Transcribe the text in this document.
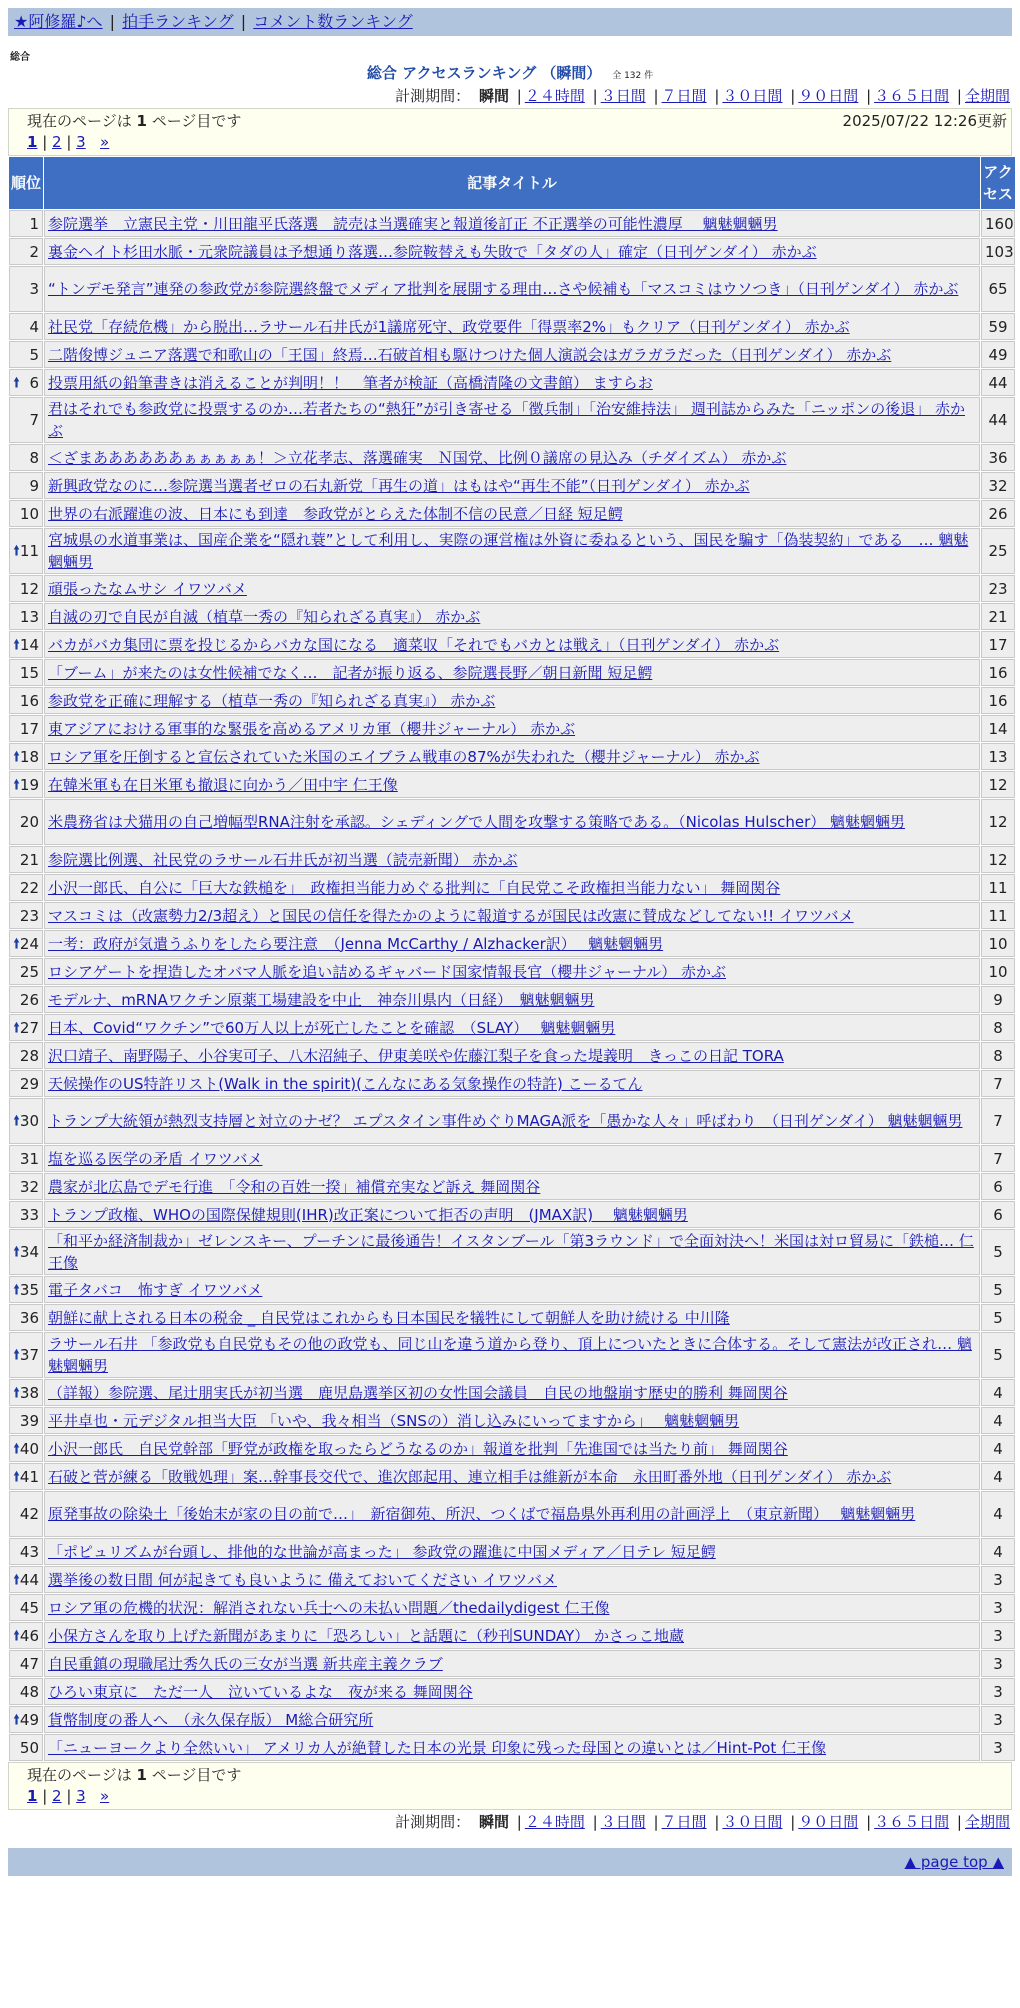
★阿修羅♪へ | 拍手ランキング | コメント数ランキング
総合
総合 アクセスランキング （瞬間） 全 132 件
計測期間： 瞬間 | ２４時間 | ３日間 | ７日間 | ３０日間 | ９０日間 | ３６５日間 | 全期間
現在のページは 1 ページ目です	2025/07/22 12:26更新
1 | 2 | 3 »
順位	記事タイトル	アクセス
1	参院選挙　立憲民主党・川田龍平氏落選　読売は当選確実と報道後訂正 不正選挙の可能性濃厚　 魑魅魍魎男	160
2	裏金ヘイト杉田水脈・元衆院議員は予想通り落選…参院鞍替えも失敗で「タダの人」確定（日刊ゲンダイ） 赤かぶ	103
3	“トンデモ発言”連発の参政党が参院選終盤でメディア批判を展開する理由…さや候補も「マスコミはウソつき」（日刊ゲンダイ） 赤かぶ	65
4	社民党「存続危機」から脱出…ラサール石井氏が1議席死守、政党要件「得票率2%」もクリア（日刊ゲンダイ） 赤かぶ	59
5	二階俊博ジュニア落選で和歌山の「王国」終焉…石破首相も駆けつけた個人演説会はガラガラだった（日刊ゲンダイ） 赤かぶ	49

🠙 6	投票用紙の鉛筆書きは消えることが判明！！　筆者が検証（高橋清隆の文書館） ますらお	44
7	君はそれでも参政党に投票するのか…若者たちの“熱狂”が引き寄せる「徴兵制」「治安維持法」 週刊誌からみた「ニッポンの後退」 赤かぶ	44
8	＜ざまああああああぁぁぁぁぁ！＞立花孝志、落選確実　Ｎ国党、比例０議席の見込み（チダイズム） 赤かぶ	36
9	新興政党なのに…参院選当選者ゼロの石丸新党「再生の道」はもはや“再生不能”（日刊ゲンダイ） 赤かぶ	32
10	世界の右派躍進の波、日本にも到達　参政党がとらえた体制不信の民意／日経 短足鰐	26

🠙 11	宮城県の水道事業は、国産企業を“隠れ蓑”として利用し、実際の運営権は外資に委ねるという、国民を騙す「偽装契約」である　… 魑魅魍魎男	25
12	頑張ったなムサシ イワツバメ	23
13	自滅の刃で自民が自滅（植草一秀の『知られざる真実』） 赤かぶ	21

🠙 14	バカがバカ集団に票を投じるからバカな国になる　適菜収「それでもバカとは戦え」（日刊ゲンダイ） 赤かぶ	17
15	「ブーム」が来たのは女性候補でなく…　記者が振り返る、参院選長野／朝日新聞 短足鰐	16
16	参政党を正確に理解する（植草一秀の『知られざる真実』） 赤かぶ	16
17	東アジアにおける軍事的な緊張を高めるアメリカ軍（櫻井ジャーナル） 赤かぶ	14

🠙 18	ロシア軍を圧倒すると宣伝されていた米国のエイブラム戦車の87%が失われた（櫻井ジャーナル） 赤かぶ	13

🠙 19	在韓米軍も在日米軍も撤退に向かう／田中宇 仁王像	12
20	米農務省は犬猫用の自己増幅型RNA注射を承認。シェディングで人間を攻撃する策略である。（Nicolas Hulscher） 魑魅魍魎男	12
21	参院選比例選、社民党のラサール石井氏が初当選（読売新聞） 赤かぶ	12
22	小沢一郎氏、自公に「巨大な鉄槌を」　政権担当能力めぐる批判に「自民党こそ政権担当能力ない」 舞岡関谷	11
23	マスコミは（改憲勢力2/3超え）と国民の信任を得たかのように報道するが国民は改憲に賛成などしてない!! イワツバメ	11

🠙 24	一考：政府が気遣うふりをしたら要注意　（Jenna McCarthy / Alzhacker訳）　 魑魅魍魎男	10
25	ロシアゲートを捏造したオバマ人脈を追い詰めるギャバード国家情報長官（櫻井ジャーナル） 赤かぶ	10
26	モデルナ、mRNAワクチン原薬工場建設を中止　神奈川県内（日経）　魑魅魍魎男	9

🠙 27	日本、Covid“ワクチン”で60万人以上が死亡したことを確認　（SLAY）　 魑魅魍魎男	8
28	沢口靖子、南野陽子、小谷実可子、八木沼純子、伊東美咲や佐藤江梨子を食った堤義明　きっこの日記 TORA	8
29	天候操作のUS特許リスト(Walk in the spirit)(こんなにある気象操作の特許) こーるてん	7

🠙 30	トランプ大統領が熱烈支持層と対立のナゼ？ エプスタイン事件めぐりMAGA派を「愚かな人々」呼ばわり　（日刊ゲンダイ） 魑魅魍魎男	7
31	塩を巡る医学の矛盾 イワツバメ	7
32	農家が北広島でデモ行進　「令和の百姓一揆」補償充実など訴え 舞岡関谷	6
33	トランプ政権、WHOの国際保健規則(IHR)改正案について拒否の声明　(JMAX訳)　 魑魅魍魎男	6

🠙 34	「和平か経済制裁か」ゼレンスキー、プーチンに最後通告！イスタンブール「第3ラウンド」で全面対決へ！米国は対ロ貿易に「鉄槌… 仁王像	5

🠙 35	電子タバコ　怖すぎ イワツバメ	5
36	朝鮮に献上される日本の税金 _ 自民党はこれからも日本国民を犠牲にして朝鮮人を助け続ける 中川隆	5

🠙 37	ラサール石井 「参政党も自民党もその他の政党も、同じ山を違う道から登り、頂上についたときに合体する。そして憲法が改正され… 魑魅魍魎男	5

🠙 38	（詳報）参院選、尾辻朋実氏が初当選　鹿児島選挙区初の女性国会議員　自民の地盤崩す歴史的勝利 舞岡関谷	4
39	平井卓也・元デジタル担当大臣 「いや、我々相当（SNSの）消し込みにいってますから」　 魑魅魍魎男	4

🠙 40	小沢一郎氏　自民党幹部「野党が政権を取ったらどうなるのか」報道を批判「先進国では当たり前」 舞岡関谷	4

🠙 41	石破と菅が練る「敗戦処理」案…幹事長交代で、進次郎起用、連立相手は維新が本命　永田町番外地（日刊ゲンダイ） 赤かぶ	4
42	原発事故の除染土「後始末が家の目の前で…」　新宿御苑、所沢、つくばで福島県外再利用の計画浮上　（東京新聞）　 魑魅魍魎男	4
43	「ポピュリズムが台頭し、排他的な世論が高まった」 参政党の躍進に中国メディア／日テレ 短足鰐	4

🠙 44	選挙後の数日間 何が起きても良いように 備えておいてください イワツバメ	3
45	ロシア軍の危機的状況：解消されない兵士への未払い問題／thedailydigest 仁王像	3

🠙 46	小保方さんを取り上げた新聞があまりに「恐ろしい」と話題に（秒刊SUNDAY） かさっこ地蔵	3
47	自民重鎮の現職尾辻秀久氏の三女が当選 新共産主義クラブ	3
48	ひろい東京に　ただ一人　泣いているよな　夜が来る 舞岡関谷	3

🠙 49	貨幣制度の番人へ　（永久保存版） M総合研究所	3
50	「ニューヨークより全然いい」 アメリカ人が絶賛した日本の光景 印象に残った母国との違いとは／Hint-Pot 仁王像	3
現在のページは 1 ページ目です
1 | 2 | 3 »
計測期間： 瞬間 | ２４時間 | ３日間 | ７日間 | ３０日間 | ９０日間 | ３６５日間 | 全期間
▲ page top ▲
